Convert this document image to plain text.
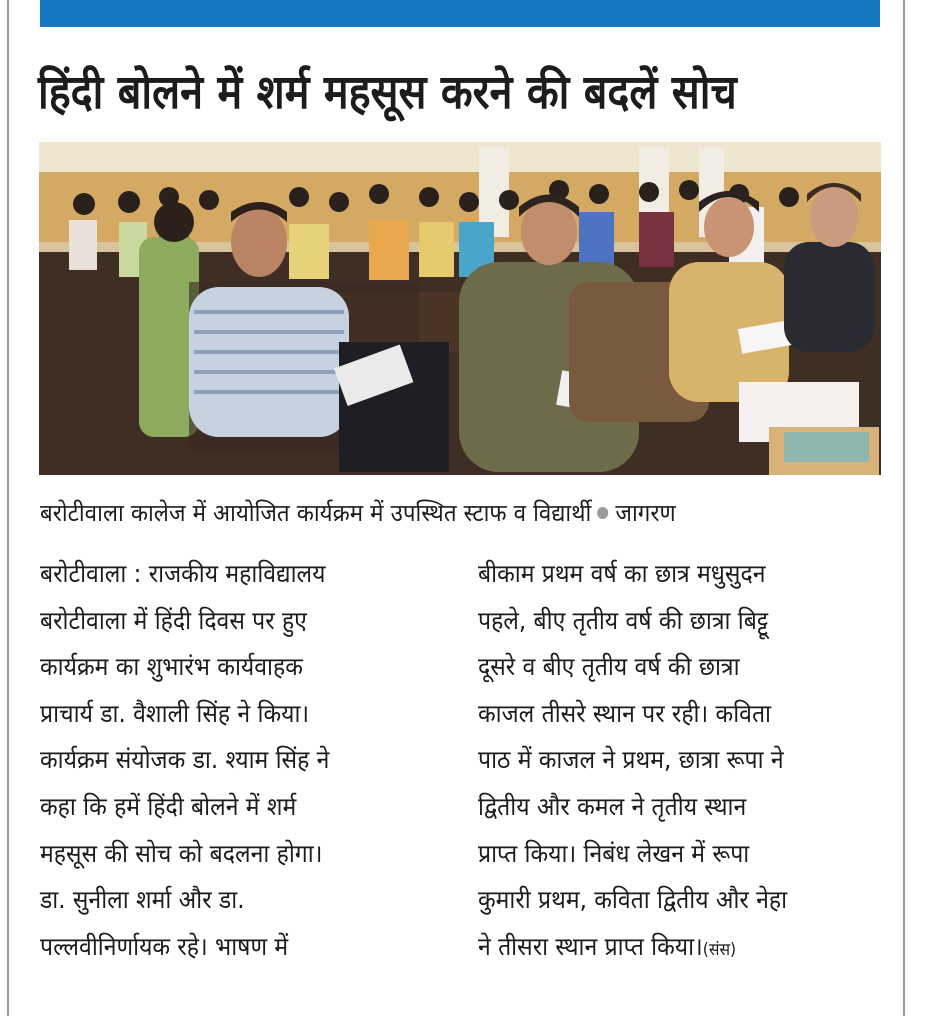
हिंदी बोलने में शर्म महसूस करने की बदलें सोच

बरोटीवाला कालेज में आयोजित कार्यक्रम में उपस्थित स्टाफ व विद्यार्थी जागरण

बरोटीवाला : राजकीय महाविद्यालय
बरोटीवाला में हिंदी दिवस पर हुए
कार्यक्रम का शुभारंभ कार्यवाहक
प्राचार्य डा. वैशाली सिंह ने किया।
कार्यक्रम संयोजक डा. श्याम सिंह ने
कहा कि हमें हिंदी बोलने में शर्म
महसूस की सोच को बदलना होगा।
डा. सुनीला शर्मा और डा.
पल्लवीनिर्णायक रहे। भाषण में
बीकाम प्रथम वर्ष का छात्र मधुसुदन
पहले, बीए तृतीय वर्ष की छात्रा बिट्टू
दूसरे व बीए तृतीय वर्ष की छात्रा
काजल तीसरे स्थान पर रही। कविता
पाठ में काजल ने प्रथम, छात्रा रूपा ने
द्वितीय और कमल ने तृतीय स्थान
प्राप्त किया। निबंध लेखन में रूपा
कुमारी प्रथम, कविता द्वितीय और नेहा
ने तीसरा स्थान प्राप्त किया।(संस)
